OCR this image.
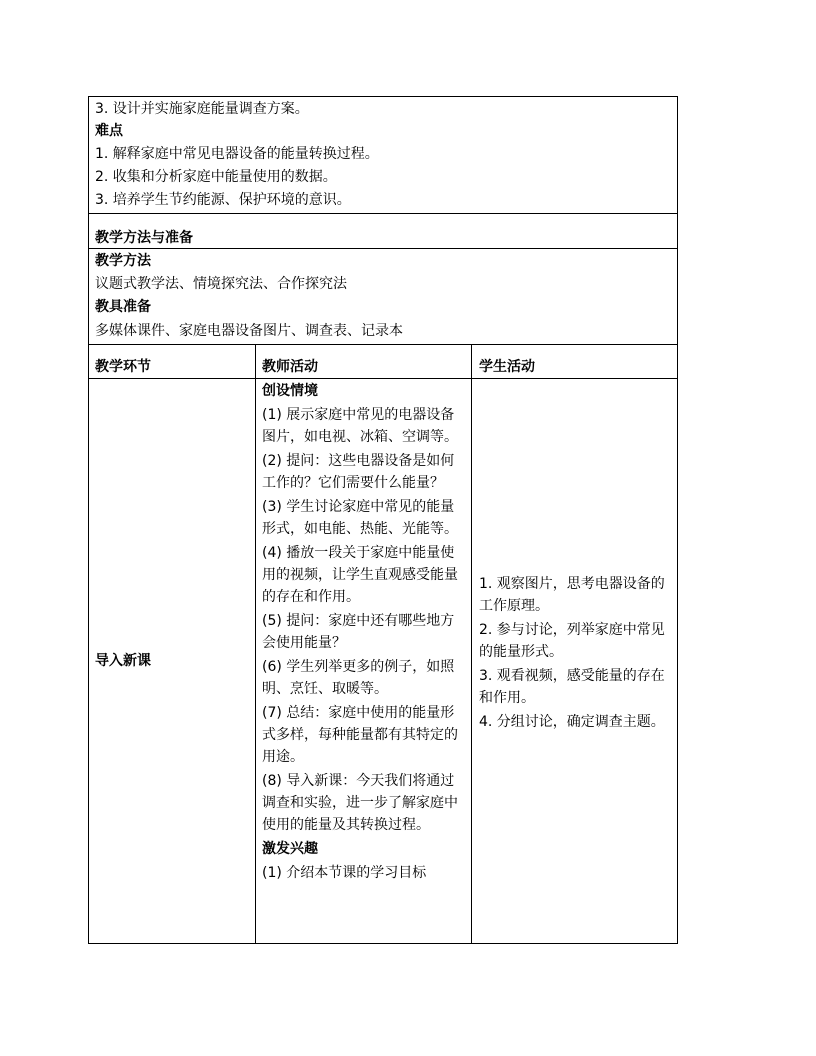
3. 设计并实施家庭能量调查方案。
难点
1. 解释家庭中常见电器设备的能量转换过程。
2. 收集和分析家庭中能量使用的数据。
3. 培养学生节约能源、保护环境的意识。
教学方法与准备
教学方法
议题式教学法、情境探究法、合作探究法
教具准备
多媒体课件、家庭电器设备图片、调查表、记录本
教学环节	教师活动	学生活动
导入新课
创设情境
(1) 展示家庭中常见的电器设备图片，如电视、冰箱、空调等。
(2) 提问：这些电器设备是如何工作的？它们需要什么能量？
(3) 学生讨论家庭中常见的能量形式，如电能、热能、光能等。
(4) 播放一段关于家庭中能量使用的视频，让学生直观感受能量的存在和作用。
(5) 提问：家庭中还有哪些地方会使用能量？
(6) 学生列举更多的例子，如照明、烹饪、取暖等。
(7) 总结：家庭中使用的能量形式多样，每种能量都有其特定的用途。
(8) 导入新课：今天我们将通过调查和实验，进一步了解家庭中使用的能量及其转换过程。
激发兴趣
(1) 介绍本节课的学习目标
1. 观察图片，思考电器设备的工作原理。
2. 参与讨论，列举家庭中常见的能量形式。
3. 观看视频，感受能量的存在和作用。
4. 分组讨论，确定调查主题。
